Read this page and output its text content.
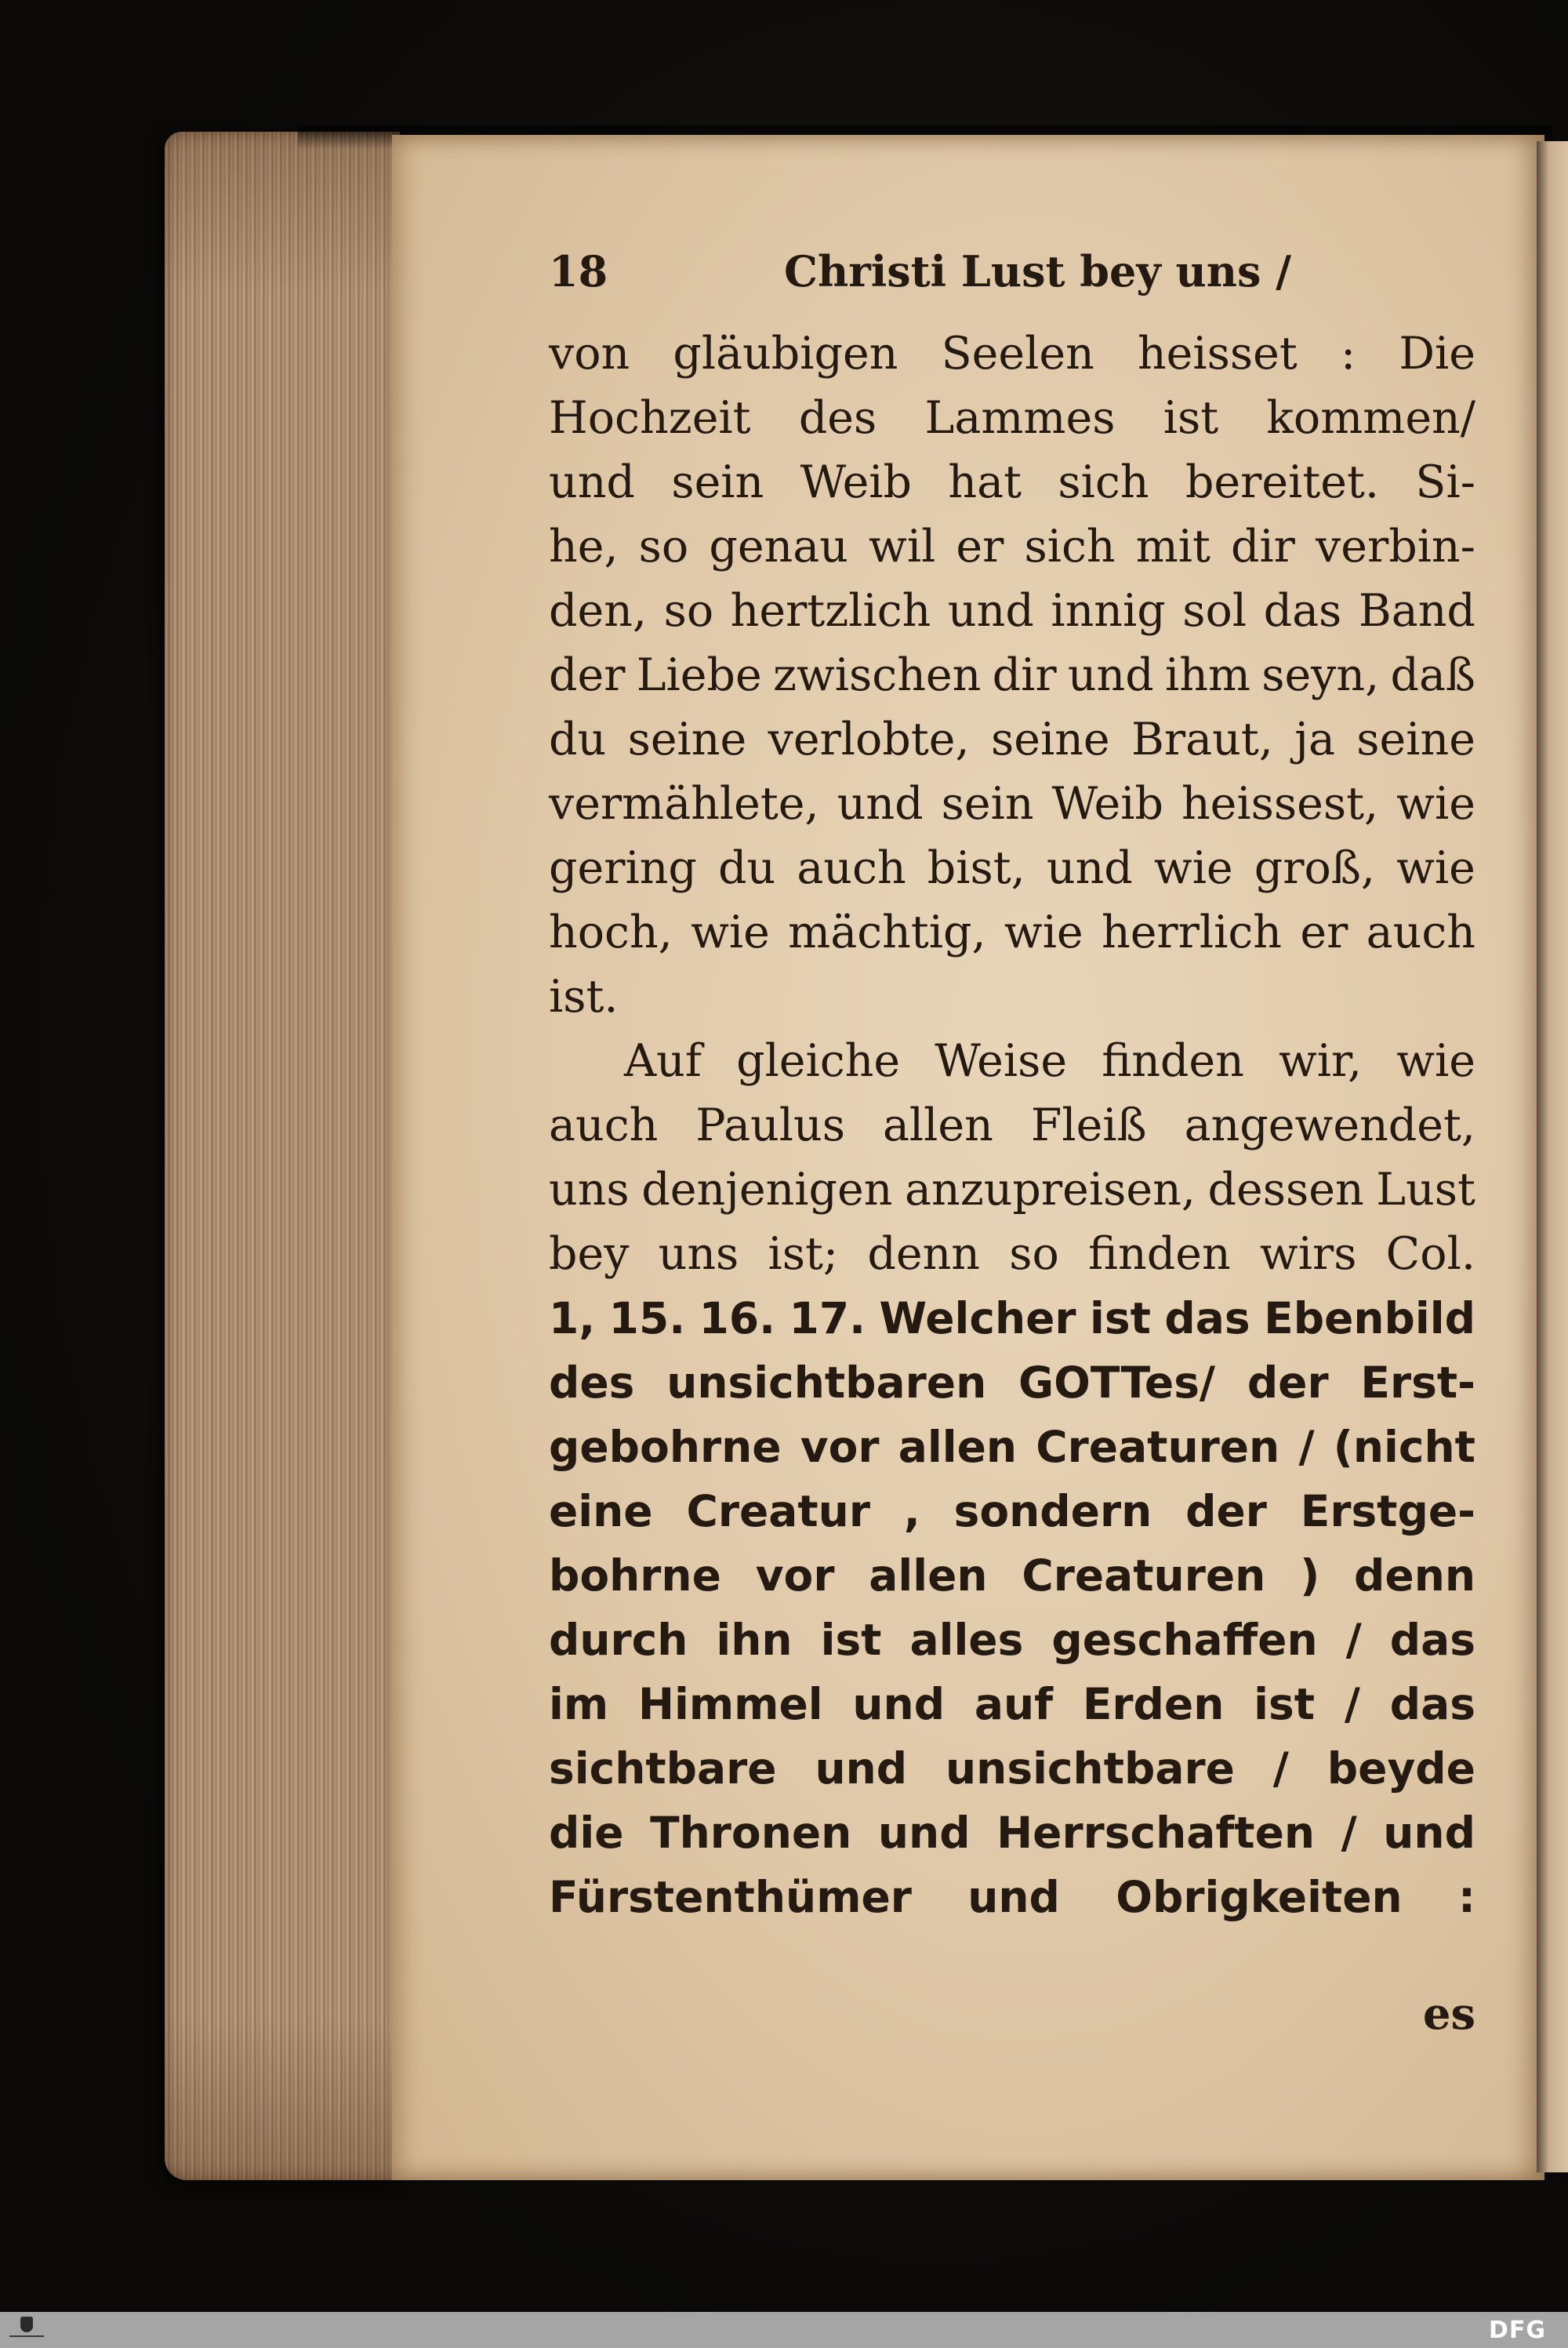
18	Christi Lust bey uns /
von gläubigen Seelen heisset : Die
Hochzeit des Lammes ist kommen/
und sein Weib hat sich bereitet. Si-
he, so genau wil er sich mit dir verbin-
den, so hertzlich und innig sol das Band
der Liebe zwischen dir und ihm seyn, daß
du seine verlobte, seine Braut, ja seine
vermählete, und sein Weib heissest, wie
gering du auch bist, und wie groß, wie
hoch, wie mächtig, wie herrlich er auch
ist.
Auf gleiche Weise finden wir, wie
auch Paulus allen Fleiß angewendet,
uns denjenigen anzupreisen, dessen Lust
bey uns ist; denn so finden wirs Col.
1, 15. 16. 17. Welcher ist das Ebenbild
des unsichtbaren GOTTes/ der Erst-
gebohrne vor allen Creaturen / (nicht
eine Creatur , sondern der Erstge-
bohrne vor allen Creaturen ) denn
durch ihn ist alles geschaffen / das
im Himmel und auf Erden ist / das
sichtbare und unsichtbare / beyde
die Thronen und Herrschaften / und
Fürstenthümer und Obrigkeiten :
es
DFG
